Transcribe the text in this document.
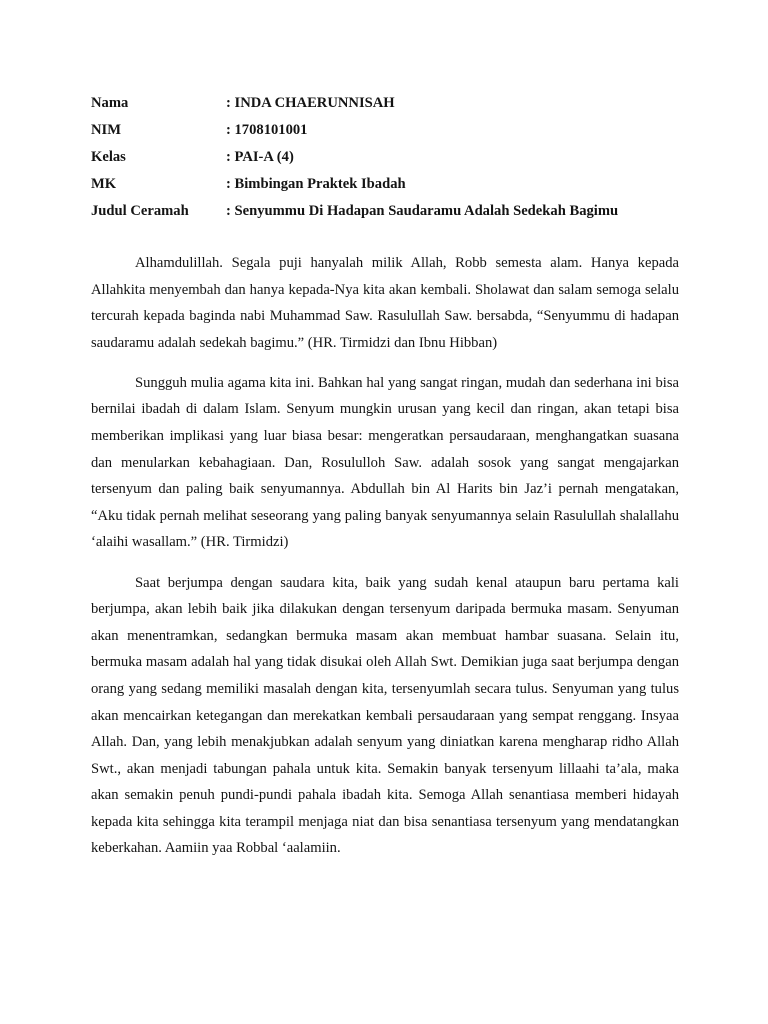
Nama	: INDA CHAERUNNISAH
NIM	: 1708101001
Kelas	: PAI-A (4)
MK	: Bimbingan Praktek Ibadah
Judul Ceramah	: Senyummu Di Hadapan Saudaramu Adalah Sedekah Bagimu

Alhamdulillah. Segala puji hanyalah milik Allah, Robb semesta alam. Hanya kepada Allahkita menyembah dan hanya kepada-Nya kita akan kembali. Sholawat dan salam semoga selalu tercurah kepada baginda nabi Muhammad Saw. Rasulullah Saw. bersabda, “Senyummu di hadapan saudaramu adalah sedekah bagimu.” (HR. Tirmidzi dan Ibnu Hibban)

Sungguh mulia agama kita ini. Bahkan hal yang sangat ringan, mudah dan sederhana ini bisa bernilai ibadah di dalam Islam. Senyum mungkin urusan yang kecil dan ringan, akan tetapi bisa memberikan implikasi yang luar biasa besar: mengeratkan persaudaraan, menghangatkan suasana dan menularkan kebahagiaan. Dan, Rosululloh Saw. adalah sosok yang sangat mengajarkan tersenyum dan paling baik senyumannya. Abdullah bin Al Harits bin Jaz’i pernah mengatakan, “Aku tidak pernah melihat seseorang yang paling banyak senyumannya selain Rasulullah shalallahu ‘alaihi wasallam.” (HR. Tirmidzi)

Saat berjumpa dengan saudara kita, baik yang sudah kenal ataupun baru pertama kali berjumpa, akan lebih baik jika dilakukan dengan tersenyum daripada bermuka masam. Senyuman akan menentramkan, sedangkan bermuka masam akan membuat hambar suasana. Selain itu, bermuka masam adalah hal yang tidak disukai oleh Allah Swt. Demikian juga saat berjumpa dengan orang yang sedang memiliki masalah dengan kita, tersenyumlah secara tulus. Senyuman yang tulus akan mencairkan ketegangan dan merekatkan kembali persaudaraan yang sempat renggang. Insyaa Allah. Dan, yang lebih menakjubkan adalah senyum yang diniatkan karena mengharap ridho Allah Swt., akan menjadi tabungan pahala untuk kita. Semakin banyak tersenyum lillaahi ta’ala, maka akan semakin penuh pundi-pundi pahala ibadah kita. Semoga Allah senantiasa memberi hidayah kepada kita sehingga kita terampil menjaga niat dan bisa senantiasa tersenyum yang mendatangkan keberkahan. Aamiin yaa Robbal ‘aalamiin.
